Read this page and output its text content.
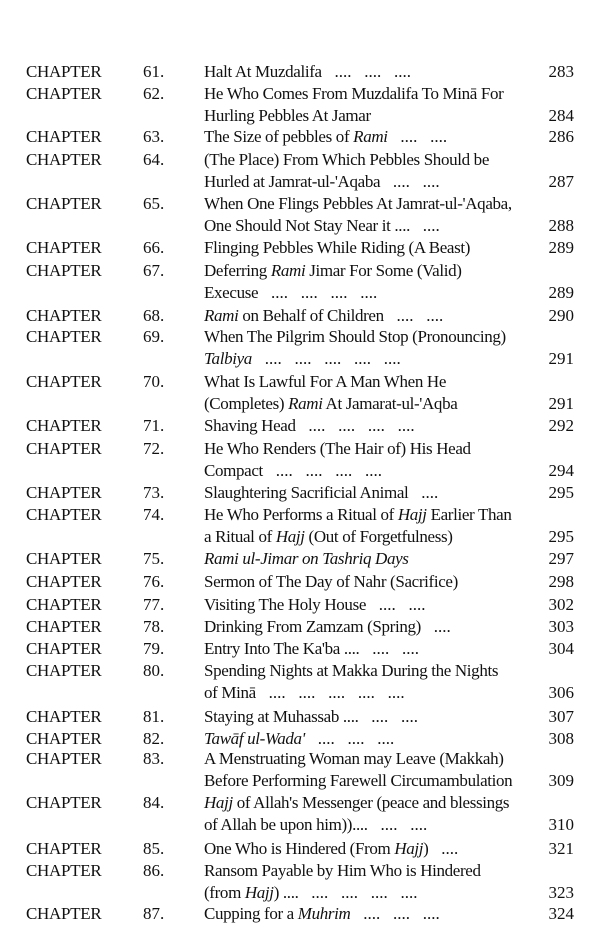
CHAPTER 61. Halt At Muzdalifa   ....   ....   ....	283
CHAPTER 62. He Who Comes From Muzdalifa To Minā For
Hurling Pebbles At Jamar	284
CHAPTER 63. The Size of pebbles of Rami   ....   ....	286
CHAPTER 64. (The Place) From Which Pebbles Should be
Hurled at Jamrat-ul-'Aqaba   ....   ....	287
CHAPTER 65. When One Flings Pebbles At Jamrat-ul-'Aqaba,
One Should Not Stay Near it ....   ....	288
CHAPTER 66. Flinging Pebbles While Riding (A Beast)	289
CHAPTER 67. Deferring Rami Jimar For Some (Valid)
Execuse   ....   ....   ....   ....	289
CHAPTER 68. Rami on Behalf of Children   ....   ....	290
CHAPTER 69. When The Pilgrim Should Stop (Pronouncing)
Talbiya   ....   ....   ....   ....   ....	291
CHAPTER 70. What Is Lawful For A Man When He
(Completes) Rami At Jamarat-ul-'Aqba	291
CHAPTER 71. Shaving Head   ....   ....   ....   ....	292
CHAPTER 72. He Who Renders (The Hair of) His Head
Compact   ....   ....   ....   ....	294
CHAPTER 73. Slaughtering Sacrificial Animal   ....	295
CHAPTER 74. He Who Performs a Ritual of Hajj Earlier Than
a Ritual of Hajj (Out of Forgetfulness)	295
CHAPTER 75. Rami ul-Jimar on Tashriq Days	297
CHAPTER 76. Sermon of The Day of Nahr (Sacrifice)	298
CHAPTER 77. Visiting The Holy House   ....   ....	302
CHAPTER 78. Drinking From Zamzam (Spring)   ....	303
CHAPTER 79. Entry Into The Ka'ba ....   ....   ....	304
CHAPTER 80. Spending Nights at Makka During the Nights
of Minā   ....   ....   ....   ....   ....	306
CHAPTER 81. Staying at Muhassab ....   ....   ....	307
CHAPTER 82. Tawāf ul-Wada'   ....   ....   ....	308
CHAPTER 83. A Menstruating Woman may Leave (Makkah)
Before Performing Farewell Circumambulation	309
CHAPTER 84. Hajj of Allah's Messenger (peace and blessings
of Allah be upon him))....   ....   ....	310
CHAPTER 85. One Who is Hindered (From Hajj)   ....	321
CHAPTER 86. Ransom Payable by Him Who is Hindered
(from Hajj) ....   ....   ....   ....   ....	323
CHAPTER 87. Cupping for a Muhrim   ....   ....   ....	324
